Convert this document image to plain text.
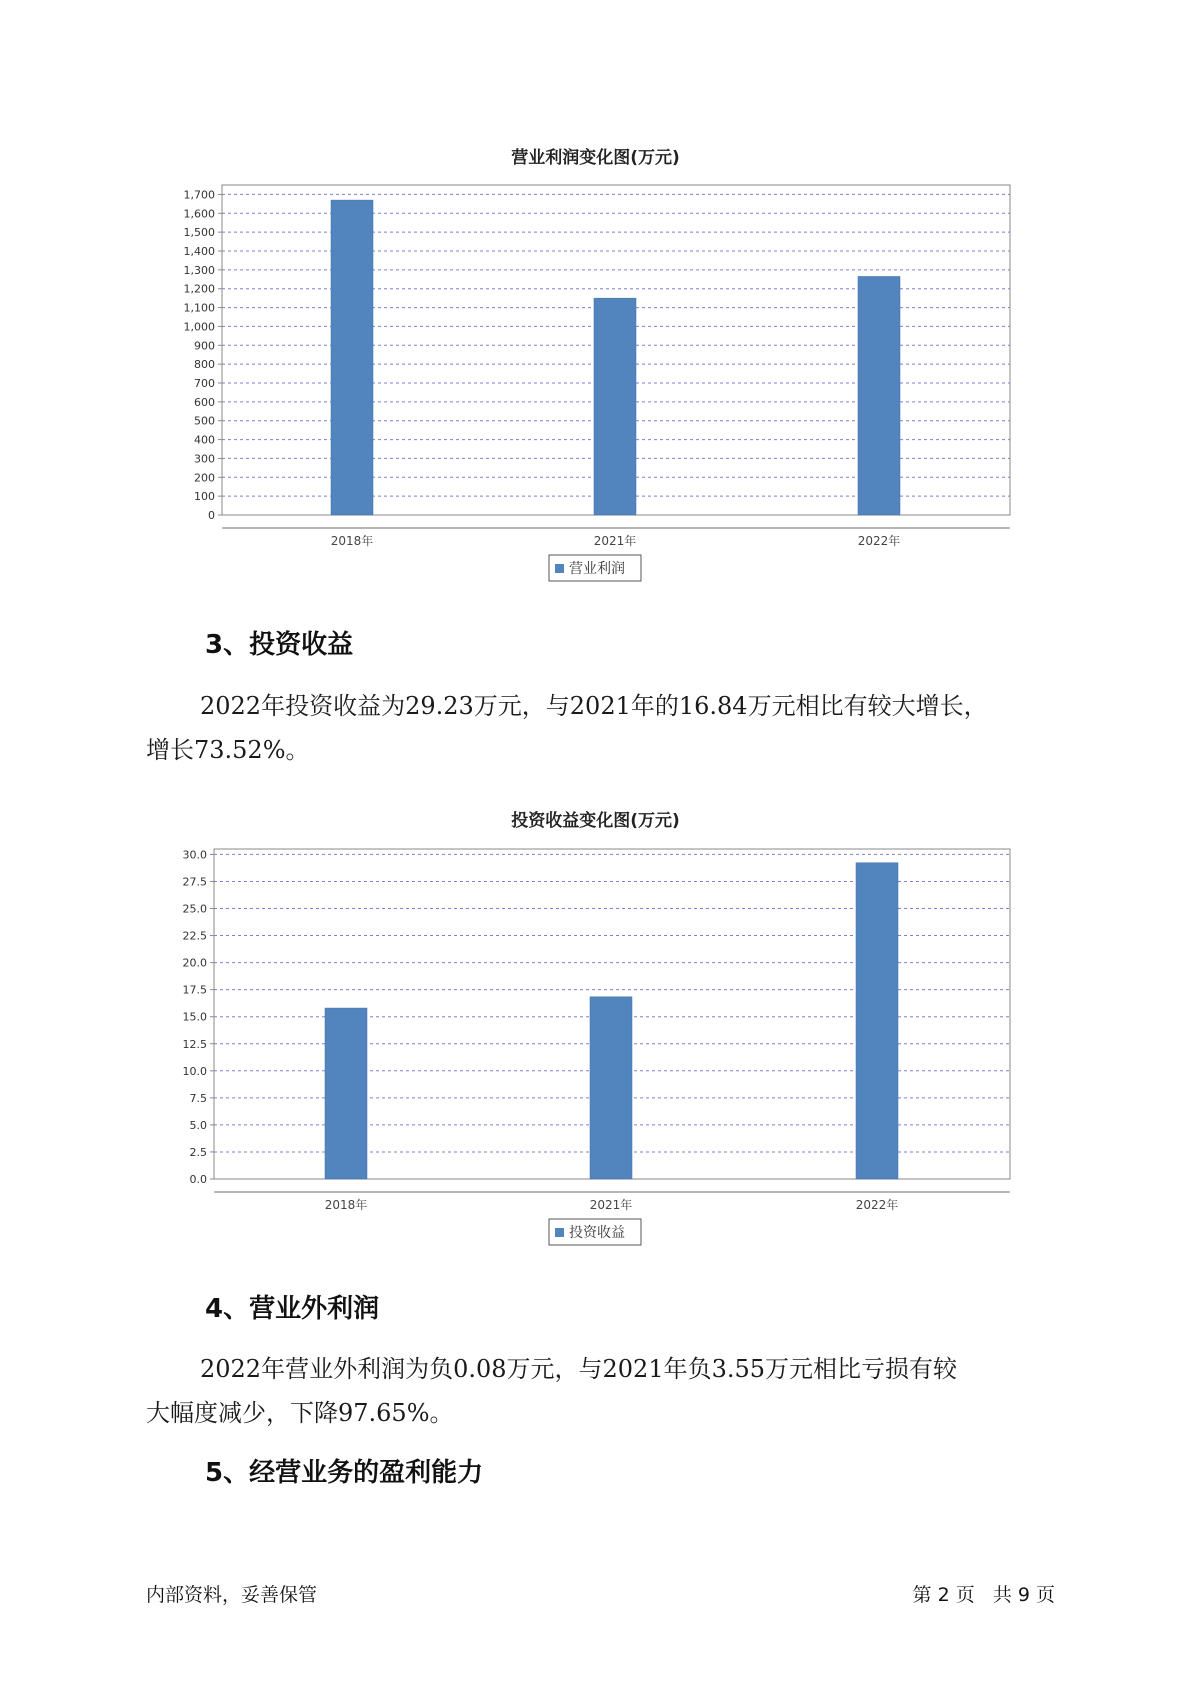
营业利润变化图(万元)
0
100
200
300
400
500
600
700
800
900
1,000
1,100
1,200
1,300
1,400
1,500
1,600
1,700
2018年	2021年	2022年
营业利润
3、投资收益
2022年投资收益为29.23万元，与2021年的16.84万元相比有较大增长，
增长73.52%。
投资收益变化图(万元)
0.0
2.5
5.0
7.5
10.0
12.5
15.0
17.5
20.0
22.5
25.0
27.5
30.0
2018年	2021年	2022年
投资收益
4、营业外利润
2022年营业外利润为负0.08万元，与2021年负3.55万元相比亏损有较
大幅度减少，下降97.65%。
5、经营业务的盈利能力
内部资料，妥善保管	第 2 页   共 9 页
